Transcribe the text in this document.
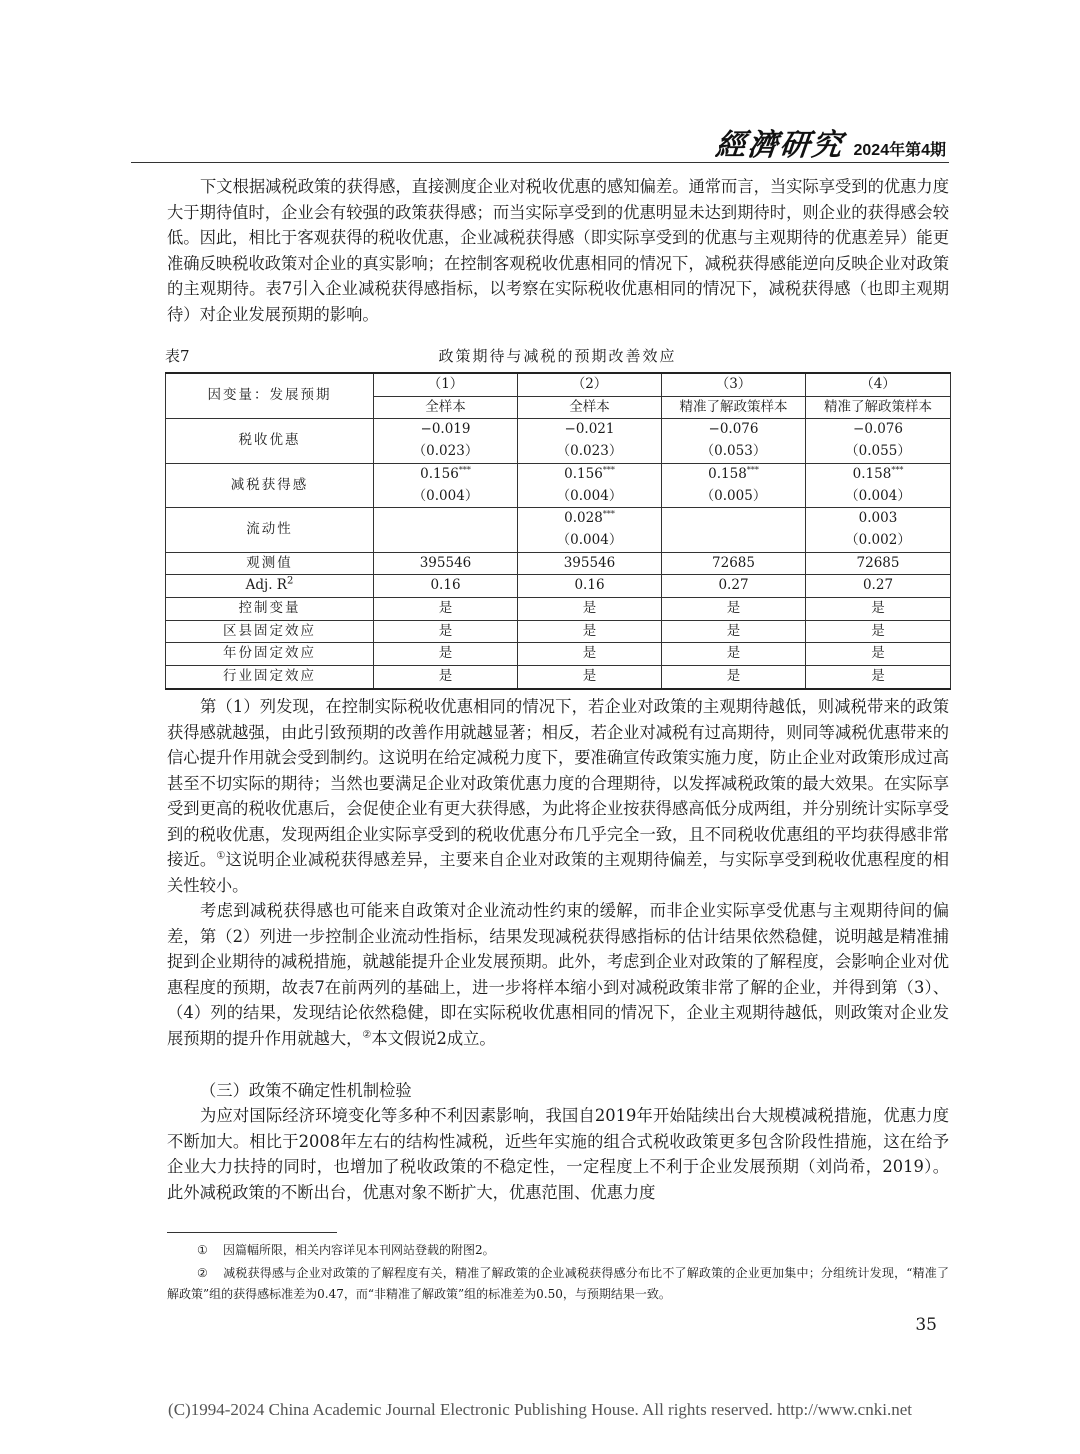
經濟研究 2024年第4期

下文根据减税政策的获得感，直接测度企业对税收优惠的感知偏差。通常而言，当实际享受到的优惠力度大于期待值时，企业会有较强的政策获得感；而当实际享受到的优惠明显未达到期待时，则企业的获得感会较低。因此，相比于客观获得的税收优惠，企业减税获得感（即实际享受到的优惠与主观期待的优惠差异）能更准确反映税收政策对企业的真实影响；在控制客观税收优惠相同的情况下，减税获得感能逆向反映企业对政策的主观期待。表7引入企业减税获得感指标，以考察在实际税收优惠相同的情况下，减税获得感（也即主观期待）对企业发展预期的影响。

表7	政策期待与减税的预期改善效应
因变量：发展预期	（1）	（2）	（3）	（4）
	全样本	全样本	精准了解政策样本	精准了解政策样本
税收优惠	−0.019	−0.021	−0.076	−0.076
	（0.023）	（0.023）	（0.053）	（0.055）
减税获得感	0.156***	0.156***	0.158***	0.158***
	（0.004）	（0.004）	（0.005）	（0.004）
流动性		0.028***		0.003
		（0.004）		（0.002）
观测值	395546	395546	72685	72685
Adj. $R^2$	0.16	0.16	0.27	0.27
控制变量	是	是	是	是
区县固定效应	是	是	是	是
年份固定效应	是	是	是	是
行业固定效应	是	是	是	是

第（1）列发现，在控制实际税收优惠相同的情况下，若企业对政策的主观期待越低，则减税带来的政策获得感就越强，由此引致预期的改善作用就越显著；相反，若企业对减税有过高期待，则同等减税优惠带来的信心提升作用就会受到制约。这说明在给定减税力度下，要准确宣传政策实施力度，防止企业对政策形成过高甚至不切实际的期待；当然也要满足企业对政策优惠力度的合理期待，以发挥减税政策的最大效果。在实际享受到更高的税收优惠后，会促使企业有更大获得感，为此将企业按获得感高低分成两组，并分别统计实际享受到的税收优惠，发现两组企业实际享受到的税收优惠分布几乎完全一致，且不同税收优惠组的平均获得感非常接近。①这说明企业减税获得感差异，主要来自企业对政策的主观期待偏差，与实际享受到税收优惠程度的相关性较小。

考虑到减税获得感也可能来自政策对企业流动性约束的缓解，而非企业实际享受优惠与主观期待间的偏差，第（2）列进一步控制企业流动性指标，结果发现减税获得感指标的估计结果依然稳健，说明越是精准捕捉到企业期待的减税措施，就越能提升企业发展预期。此外，考虑到企业对政策的了解程度，会影响企业对优惠程度的预期，故表7在前两列的基础上，进一步将样本缩小到对减税政策非常了解的企业，并得到第（3）、（4）列的结果，发现结论依然稳健，即在实际税收优惠相同的情况下，企业主观期待越低，则政策对企业发展预期的提升作用就越大，②本文假说2成立。

（三）政策不确定性机制检验

为应对国际经济环境变化等多种不利因素影响，我国自2019年开始陆续出台大规模减税措施，优惠力度不断加大。相比于2008年左右的结构性减税，近些年实施的组合式税收政策更多包含阶段性措施，这在给予企业大力扶持的同时，也增加了税收政策的不稳定性，一定程度上不利于企业发展预期（刘尚希，2019）。此外减税政策的不断出台，优惠对象不断扩大，优惠范围、优惠力度

① 因篇幅所限，相关内容详见本刊网站登载的附图2。

② 减税获得感与企业对政策的了解程度有关，精准了解政策的企业减税获得感分布比不了解政策的企业更加集中；分组统计发现，“精准了解政策”组的获得感标准差为0.47，而“非精准了解政策”组的标准差为0.50，与预期结果一致。

35
(C)1994-2024 China Academic Journal Electronic Publishing House. All rights reserved. http://www.cnki.net
